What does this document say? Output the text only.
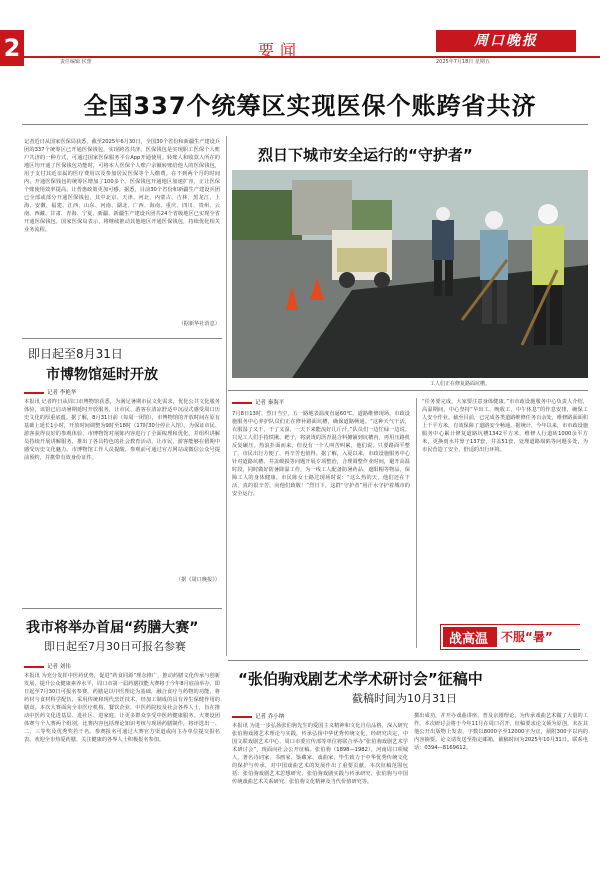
2	责任编辑 侯蕾
要闻	周口晚报
2025年7月18日 星期五
全国337个统筹区实现医保个账跨省共济
记者近日从国家医保局获悉，截至2025年6月30日，全国30个省份和新疆生产建设兵团的337个统筹区已开通医保钱包，实现跨省共济。医保钱包是实现职工医保个人账户共济的一种方式，可通过国家医保服务平台App开通使用。转账人和收款人所在的地区均开通了医保钱包功能时，可将本人医保个人账户余额转账给他人的医保钱包，用于支付其近亲属的医疗费用以及参加居民医保等个人缴费。在不到两个月的时间内，开通医保钱包的统筹区增加了100多个。医保钱包开通地区加速扩容，正让医保个账使用效率提高，让普惠政策更加可感。据悉，目前30个省份和新疆生产建设兵团已全部或部分开通医保钱包，其中北京、天津、河北、内蒙古、吉林、黑龙江、上海、安徽、福建、江西、山东、河南、湖北、广西、海南、重庆、四川、贵州、云南、西藏、甘肃、青海、宁夏、新疆、新疆生产建设兵团共24个省级地区已实现全省开通医保钱包。国家医保局表示，将继续推动其他地区开通医保钱包，持续优化相关业务流程。
（据新华社消息）
烈日下城市安全运行的“守护者”
工人们正在修复路面坑槽。
即日起至8月31日
市博物馆延时开放
记者 李艳华
本报讯 记者昨日从周口市博物馆获悉，为满足暑期市民文化需求，优化公共文化服务体验，该馆已启动暑期延时开放服务，让市民、游客在清凉舒适中沉浸式感受周口历史文化的厚重底蕴。据了解，8月31日前（每周一闭馆），市博物馆的开放时间在原有基础上延长1小时，开放时间调整为9时至18时（17时30分停止入馆）。为保证市民、游客获得良好的参观体验，市博物馆对展陈内容进行了全面梳理和优化，并组织讲解员持续开展讲解服务，推出了各具特色的社会教育活动，让市民、游客能够在假期中感受历史文化魅力。市博物馆工作人员提醒，参观前可通过官方网站或微信公众号提前预约，并携带有效身份证件。
（据《周口晚报》）
我市将举办首届“药膳大赛”
即日起至7月30日可报名参赛
记者 刘伟
本报讯 为充分发挥中医药优势，促进“药食同源”理念推广，推动药膳文化传承与创新发展，提升公众健康素养水平，周口市第一届药膳技能大赛将于今年8月底前举办，即日起至7月30日可报名参赛。药膳是以中医理论为基础，融合食疗与药物的功能，将药材与食材科学配伍，采用传统和现代烹饪技术，经加工制成的具有养生保健作用的膳食。本次大赛面向全市医疗机构、餐饮企业、中医药院校及社会各界人士，旨在推动中医药文化进基层、进社区、进家庭，让更多群众享受中医药健康服务。大赛设团体赛与个人赛两个组别，比赛内容包括理论知识考核与现场药膳制作，将评选出一、二、三等奖及优秀奖若干名。参赛报名可通过大赛官方渠道或向主办单位提交报名表。欢迎全市热爱药膳、关注健康的各界人士积极报名参加。
记者 秦海平
7月8日13时，烈日当空，五一路地表温度直逼60℃。道路维修现场，市政设施服务中心养护队员们正在修补路面坑槽，确保道路畅通。“这种天气干活，衣服湿了又干，干了又湿，一天下来能流好几斤汗。”队员们一边忙碌一边说。只见工人们手持铁锹、耙子，将滚烫的沥青混合料摊铺到坑槽内，再用压路机反复碾压。热浪扑面而来，但没有一个人叫苦叫累，他们说，只要路面平整了，市民出行方便了，再辛苦也值得。据了解，入夏以来，市政设施服务中心针对道路坑槽、井盖破损等问题开展专项整治，合理调整作业时间，避开高温时段，同时做好防暑降温工作，为一线工人配备防暑药品、遮阳帽等物品，保障工人的身体健康。市民陈女士路过现场时说：“这么热的天，他们还在干活，真的很辛苦，向他们致敬！”烈日下，这群“守护者”用汗水守护着城市的安全运行。
“任务要完成，大家要注意身体健康。”市市政设施服务中心负责人介绍，高温期间，中心坚持“早出工、晚收工、中午休息”的作息安排，确保工人安全作业。截至目前，已完成各类道路维修任务百余处，维修路面面积上千平方米，有效保障了道路安全畅通。据统计，今年以来，市市政设施服务中心累计修复道路坑槽1342平方米，维修人行道砖1000余平方米，更换雨水井箅子137套，井盖51套，处理道路塌陷等问题多处，为市民营造了安全、舒适的出行环境。
战高温 不服“暑”
“张伯驹戏剧艺术学术研讨会”征稿中
截稿时间为10月31日
记者 乔小纳
本报讯 为进一步弘扬张伯驹先生的爱国主义精神和文化自信品格，深入研究张伯驹戏剧艺术理论与实践，传承弘扬中华优秀传统文化，经研究决定，中国文联戏剧艺术中心、周口市委宣传部等单位将联合举办“张伯驹戏剧艺术学术研讨会”，现面向社会公开征稿。张伯驹（1898—1982），河南周口项城人，著名诗词家、书画家、鉴藏家、戏曲家，毕生致力于中华优秀传统文化的保护与传承，对中国戏曲艺术的发展作出了重要贡献。本次征稿范围包括：张伯驹戏剧艺术思想研究、张伯驹戏剧实践与传承研究、张伯驹与中国传统戏曲艺术关系研究、张伯驹文化精神及当代价值研究等。
撰出成功，并开办戏曲讲座，普及京剧理论，为传承戏曲艺术做了大量的工作。本次研讨会将于今年11月在周口召开，征稿要求论文须为原创，未在其他公开出版物上发表，字数以8000字至12000字为宜，须附300字以内的内容摘要。论文请发送至指定邮箱，截稿时间为2025年10月31日。联系电话：0394—8169612。
